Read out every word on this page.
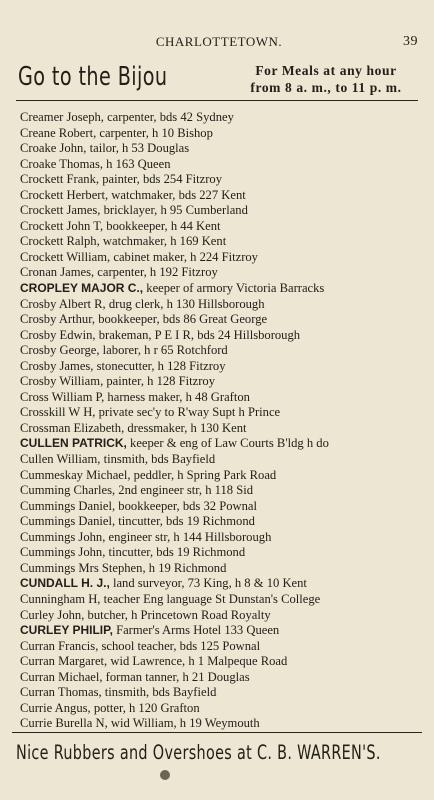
CHARLOTTETOWN.	39
Go to the Bijou	For Meals at any hour
from 8 a. m., to 11 p. m.
Creamer Joseph, carpenter, bds 42 Sydney
Creane Robert, carpenter, h 10 Bishop
Croake John, tailor, h 53 Douglas
Croake Thomas, h 163 Queen
Crockett Frank, painter, bds 254 Fitzroy
Crockett Herbert, watchmaker, bds 227 Kent
Crockett James, bricklayer, h 95 Cumberland
Crockett John T, bookkeeper, h 44 Kent
Crockett Ralph, watchmaker, h 169 Kent
Crockett William, cabinet maker, h 224 Fitzroy
Cronan James, carpenter, h 192 Fitzroy
CROPLEY MAJOR C., keeper of armory Victoria Barracks
Crosby Albert R, drug clerk, h 130 Hillsborough
Crosby Arthur, bookkeeper, bds 86 Great George
Crosby Edwin, brakeman, P E I R, bds 24 Hillsborough
Crosby George, laborer, h r 65 Rotchford
Crosby James, stonecutter, h 128 Fitzroy
Crosby William, painter, h 128 Fitzroy
Cross William P, harness maker, h 48 Grafton
Crosskill W H, private sec'y to R'way Supt h Prince
Crossman Elizabeth, dressmaker, h 130 Kent
CULLEN PATRICK, keeper & eng of Law Courts B'ldg h do
Cullen William, tinsmith, bds Bayfield
Cummeskay Michael, peddler, h Spring Park Road
Cumming Charles, 2nd engineer str, h 118 Sid
Cummings Daniel, bookkeeper, bds 32 Pownal
Cummings Daniel, tincutter, bds 19 Richmond
Cummings John, engineer str, h 144 Hillsborough
Cummings John, tincutter, bds 19 Richmond
Cummings Mrs Stephen, h 19 Richmond
CUNDALL H. J., land surveyor, 73 King, h 8 & 10 Kent
Cunningham H, teacher Eng language St Dunstan's College
Curley John, butcher, h Princetown Road Royalty
CURLEY PHILIP, Farmer's Arms Hotel 133 Queen
Curran Francis, school teacher, bds 125 Pownal
Curran Margaret, wid Lawrence, h 1 Malpeque Road
Curran Michael, forman tanner, h 21 Douglas
Curran Thomas, tinsmith, bds Bayfield
Currie Angus, potter, h 120 Grafton
Currie Burella N, wid William, h 19 Weymouth
Nice Rubbers and Overshoes at C. B. WARREN'S.
